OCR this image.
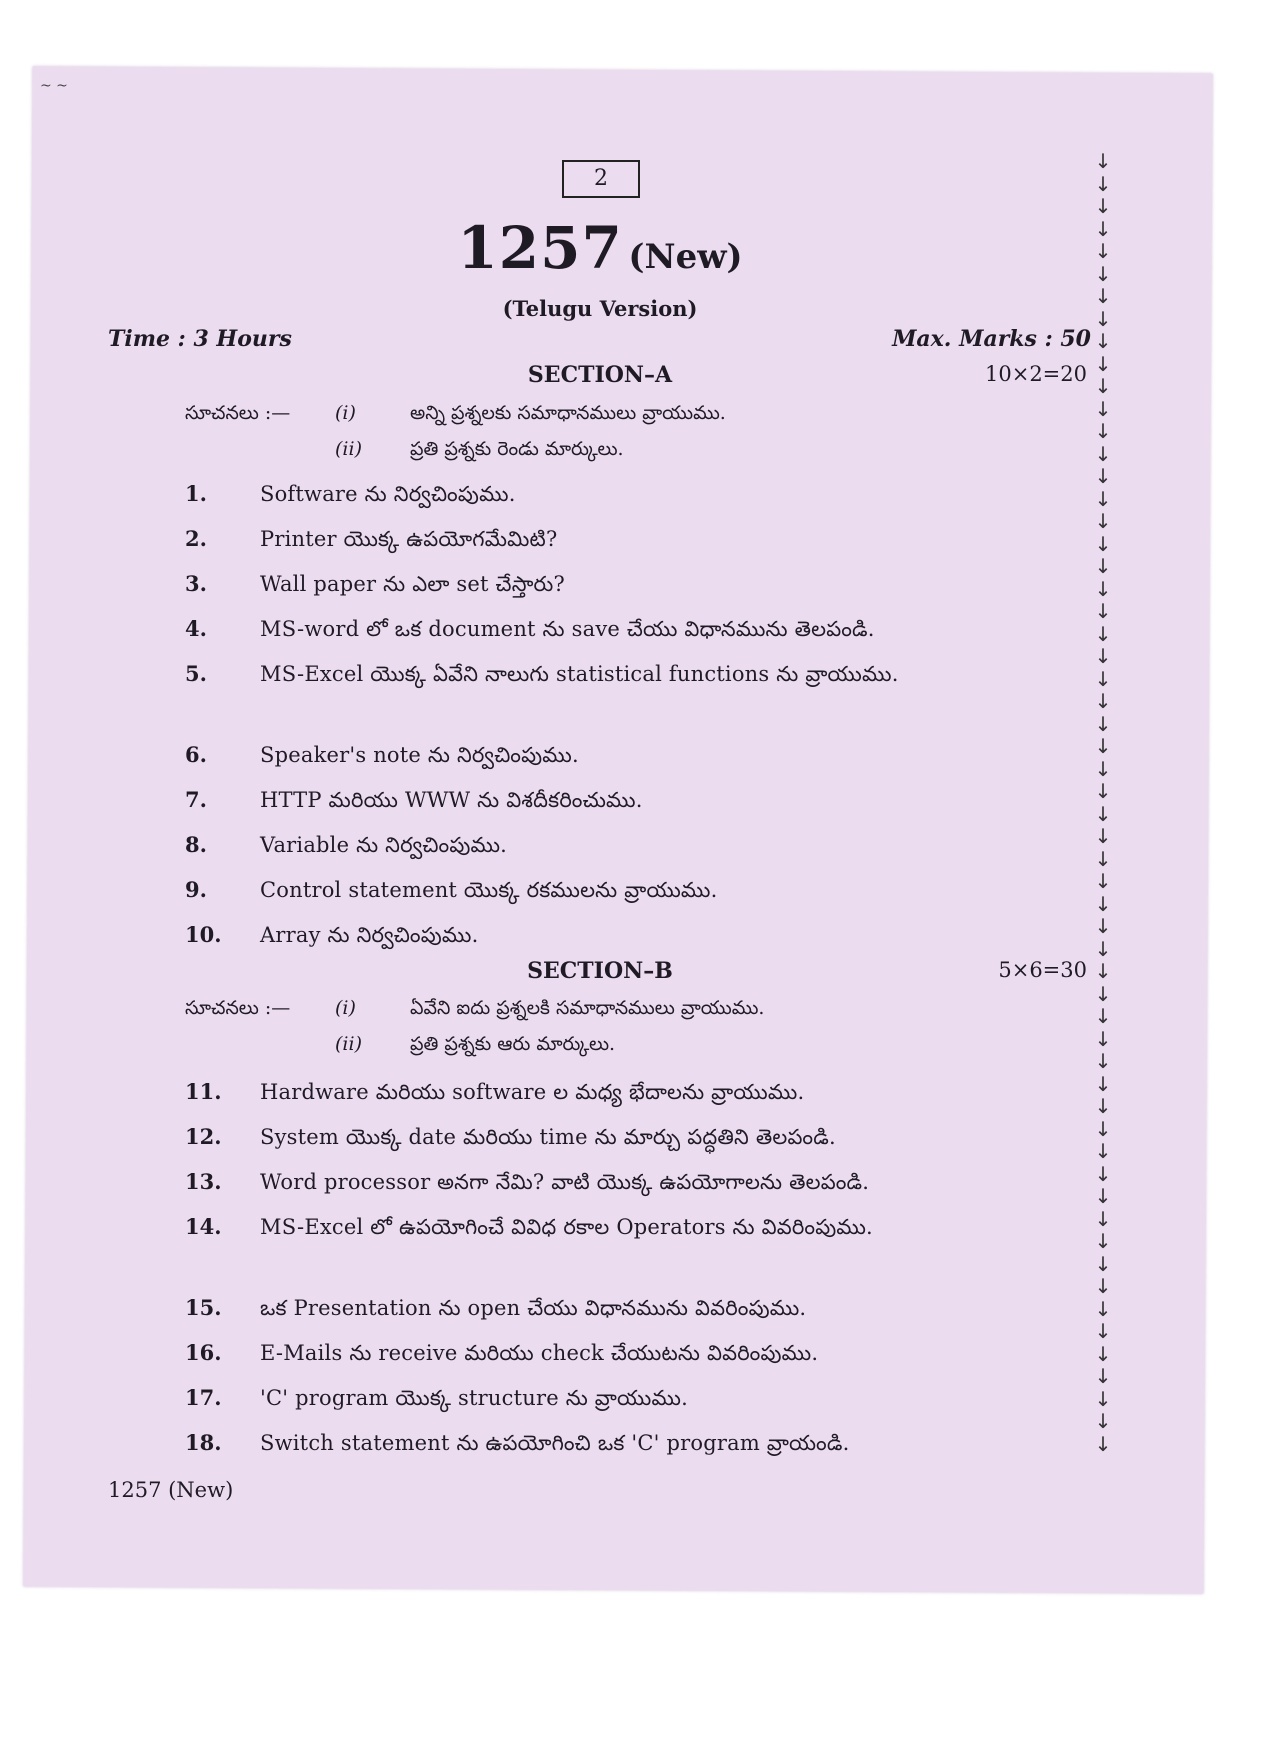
~ ~
2
1257 (New)
(Telugu Version)
Time : 3 Hours	Max. Marks : 50
SECTION–A	10×2=20
సూచనలు :— (i)	అన్ని ప్రశ్నలకు సమాధానములు వ్రాయుము.
(ii)	ప్రతి ప్రశ్నకు రెండు మార్కులు.
1.	Software ను నిర్వచింపుము.
2.	Printer యొక్క ఉపయోగమేమిటి?
3.	Wall paper ను ఎలా set చేస్తారు?
4.	MS-word లో ఒక document ను save చేయు విధానమును తెలపండి.
5.	MS-Excel యొక్క ఏవేని నాలుగు statistical functions ను వ్రాయుము.
6.	Speaker's note ను నిర్వచింపుము.
7.	HTTP మరియు WWW ను విశదీకరించుము.
8.	Variable ను నిర్వచింపుము.
9.	Control statement యొక్క రకములను వ్రాయుము.
10. Array ను నిర్వచింపుము.
SECTION–B	5×6=30
సూచనలు :— (i)	ఏవేని ఐదు ప్రశ్నలకి సమాధానములు వ్రాయుము.
(ii)	ప్రతి ప్రశ్నకు ఆరు మార్కులు.
11. Hardware మరియు software ల మధ్య భేదాలను వ్రాయుము.
12. System యొక్క date మరియు time ను మార్చు పద్ధతిని తెలపండి.
13. Word processor అనగా నేమి? వాటి యొక్క ఉపయోగాలను తెలపండి.
14. MS-Excel లో ఉపయోగించే వివిధ రకాల Operators ను వివరింపుము.
15. ఒక Presentation ను open చేయు విధానమును వివరింపుము.
16. E-Mails ను receive మరియు check చేయుటను వివరింపుము.
17. 'C' program యొక్క structure ను వ్రాయుము.
18. Switch statement ను ఉపయోగించి ఒక 'C' program వ్రాయండి.
1257 (New)
↓
↓
↓
↓
↓
↓
↓
↓
↓
↓
↓
↓
↓
↓
↓
↓
↓
↓
↓
↓
↓
↓
↓
↓
↓
↓
↓
↓
↓
↓
↓
↓
↓
↓
↓
↓
↓
↓
↓
↓
↓
↓
↓
↓
↓
↓
↓
↓
↓
↓
↓
↓
↓
↓
↓
↓
↓
↓
